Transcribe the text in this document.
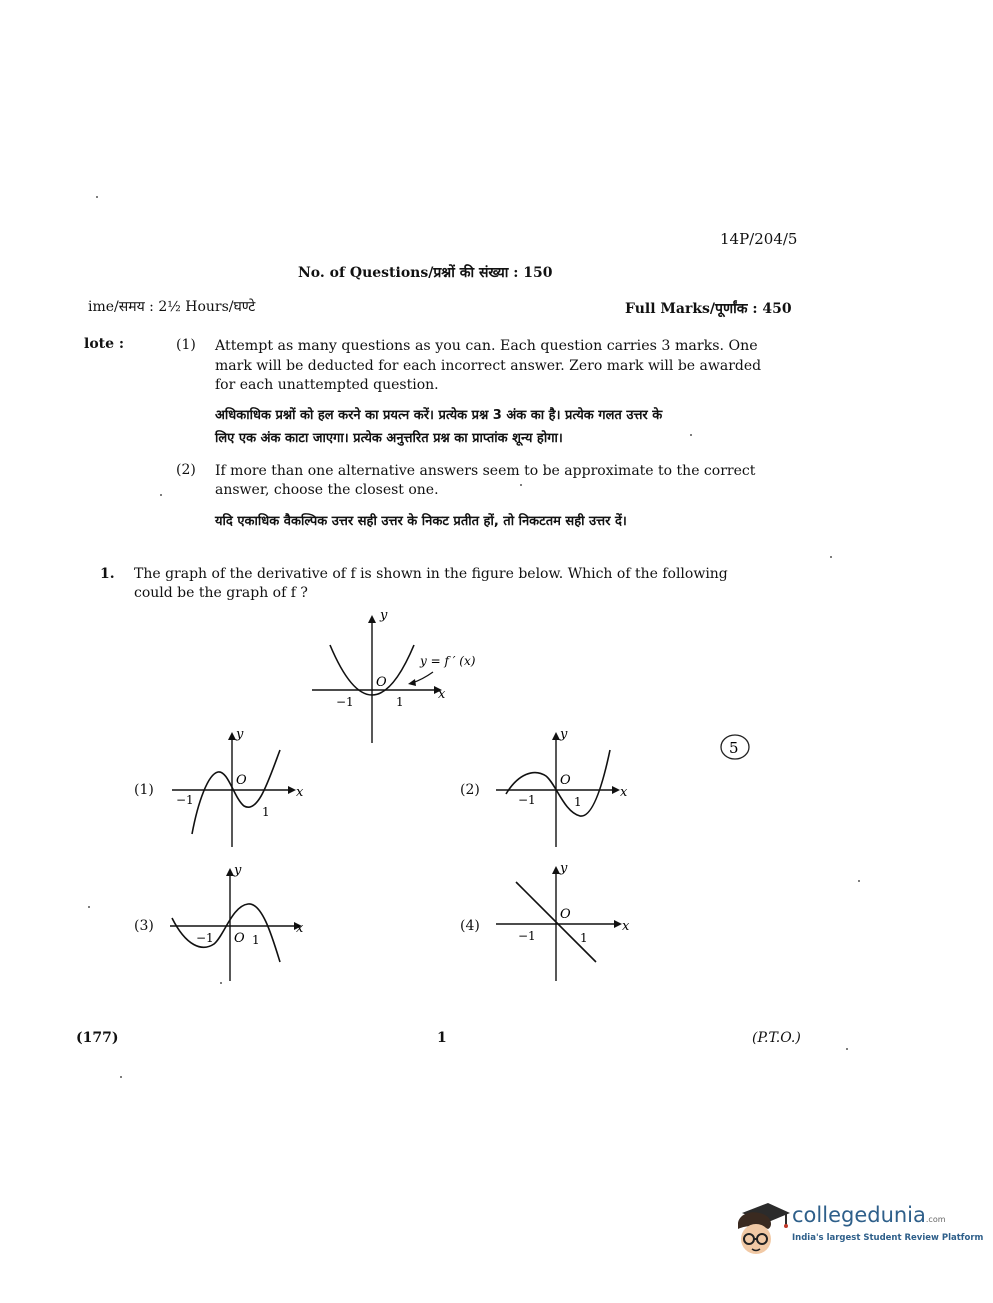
14P/204/5
No. of Questions/प्रश्नों की संख्या : 150
ime/समय : 2½ Hours/घण्टे	Full Marks/पूर्णांक : 450
lote :	(1) Attempt as many questions as you can. Each question carries 3 marks. One
mark will be deducted for each incorrect answer. Zero mark will be awarded
for each unattempted question.
अधिकाधिक प्रश्नों को हल करने का प्रयत्न करें। प्रत्येक प्रश्न 3 अंक का है। प्रत्येक गलत उत्तर के
लिए एक अंक काटा जाएगा। प्रत्येक अनुत्तरित प्रश्न का प्राप्तांक शून्य होगा।
(2) If more than one alternative answers seem to be approximate to the correct
answer, choose the closest one.
यदि एकाधिक वैकल्पिक उत्तर सही उत्तर के निकट प्रतीत हों, तो निकटतम सही उत्तर दें।
1. The graph of the derivative of f is shown in the figure below. Which of the following
could be the graph of f ?
y
x
O
−1	1
y = f ′ (x)
5
(1)
y
x
O
−1
1
(2)
y
x
O
−1	1
(3)
y
x
O
−1	1
(4)
y
x
O
−1	1
(177)	1	(P.T.O.)
collegedunia.com
India's largest Student Review Platform
